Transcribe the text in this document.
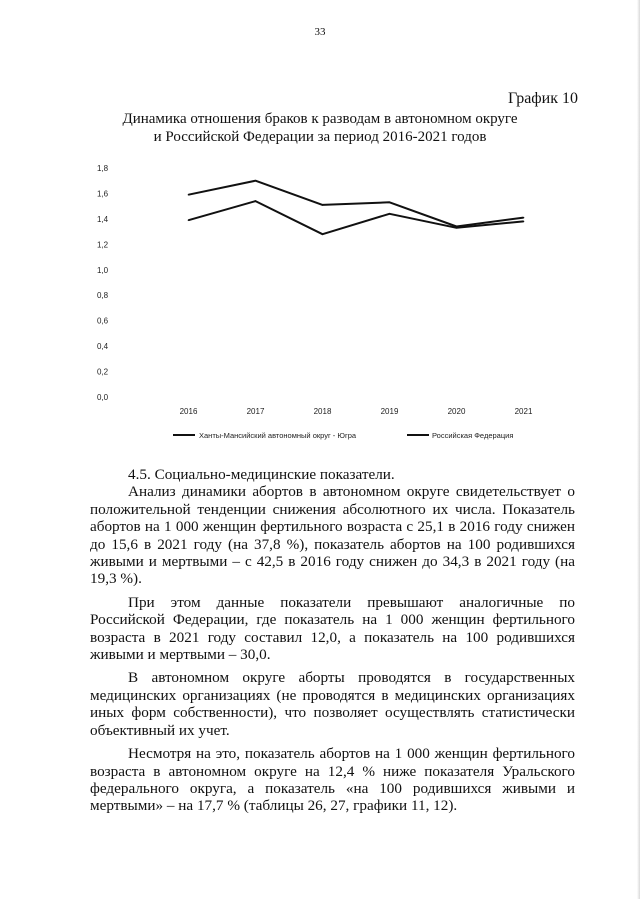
33
График 10
Динамика отношения браков к разводам в автономном округе
и Российской Федерации за период 2016-2021 годов
0,0
0,2
0,4
0,6
0,8
1,0
1,2
1,4
1,6
1,8
2016	2017	2018	2019	2020	2021
Ханты-Мансийский автономный округ - Югра	Российская Федерация

4.5. Социально-медицинские показатели.

Анализ динамики абортов в автономном округе свидетельствует о положительной тенденции снижения абсолютного их числа. Показатель абортов на 1 000 женщин фертильного возраста с 25,1 в 2016 году снижен до 15,6 в 2021 году (на 37,8 %), показатель абортов на 100 родившихся живыми и мертвыми – с 42,5 в 2016 году снижен до 34,3 в 2021 году (на 19,3 %).

При этом данные показатели превышают аналогичные по Российской Федерации, где показатель на 1 000 женщин фертильного возраста в 2021 году составил 12,0, а показатель на 100 родившихся живыми и мертвыми – 30,0.

В автономном округе аборты проводятся в государственных медицинских организациях (не проводятся в медицинских организациях иных форм собственности), что позволяет осуществлять статистически объективный их учет.

Несмотря на это, показатель абортов на 1 000 женщин фертильного возраста в автономном округе на 12,4 % ниже показателя Уральского федерального округа, а показатель «на 100 родившихся живыми и мертвыми» – на 17,7 % (таблицы 26, 27, графики 11, 12).
